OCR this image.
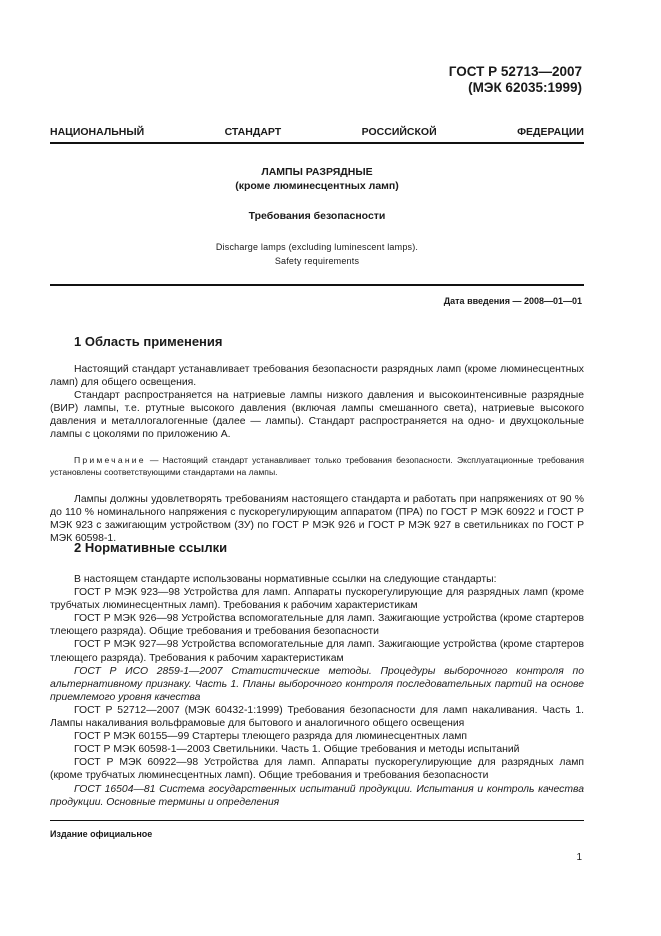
ГОСТ Р 52713—2007
(МЭК 62035:1999)
НАЦИОНАЛЬНЫЙ	СТАНДАРТ	РОССИЙСКОЙ	ФЕДЕРАЦИИ
ЛАМПЫ РАЗРЯДНЫЕ
(кроме люминесцентных ламп)
Требования безопасности
Discharge lamps (excluding luminescent lamps).
Safety requirements
Дата введения — 2008—01—01
1 Область применения

Настоящий стандарт устанавливает требования безопасности разрядных ламп (кроме люминесцентных ламп) для общего освещения.

Стандарт распространяется на натриевые лампы низкого давления и высокоинтенсивные разрядные (ВИР) лампы, т.е. ртутные высокого давления (включая лампы смешанного света), натриевые высокого давления и металлогалогенные (далее — лампы). Стандарт распространяется на одно- и двухцокольные лампы с цоколями по приложению А.

Примечание — Настоящий стандарт устанавливает только требования безопасности. Эксплуатационные требования установлены соответствующими стандартами на лампы.

Лампы должны удовлетворять требованиям настоящего стандарта и работать при напряжениях от 90 % до 110 % номинального напряжения с пускорегулирующим аппаратом (ПРА) по ГОСТ Р МЭК 60922 и ГОСТ Р МЭК 923 с зажигающим устройством (ЗУ) по ГОСТ Р МЭК 926 и ГОСТ Р МЭК 927 в светильниках по ГОСТ Р МЭК 60598-1.

2 Нормативные ссылки

В настоящем стандарте использованы нормативные ссылки на следующие стандарты:

ГОСТ Р МЭК 923—98 Устройства для ламп. Аппараты пускорегулирующие для разрядных ламп (кроме трубчатых люминесцентных ламп). Требования к рабочим характеристикам

ГОСТ Р МЭК 926—98 Устройства вспомогательные для ламп. Зажигающие устройства (кроме стартеров тлеющего разряда). Общие требования и требования безопасности

ГОСТ Р МЭК 927—98 Устройства вспомогательные для ламп. Зажигающие устройства (кроме стартеров тлеющего разряда). Требования к рабочим характеристикам

ГОСТ Р ИСО 2859-1—2007 Статистические методы. Процедуры выборочного контроля по альтернативному признаку. Часть 1. Планы выборочного контроля последовательных партий на основе приемлемого уровня качества

ГОСТ Р 52712—2007 (МЭК 60432-1:1999) Требования безопасности для ламп накаливания. Часть 1. Лампы накаливания вольфрамовые для бытового и аналогичного общего освещения

ГОСТ Р МЭК 60155—99 Стартеры тлеющего разряда для люминесцентных ламп

ГОСТ Р МЭК 60598-1—2003 Светильники. Часть 1. Общие требования и методы испытаний

ГОСТ Р МЭК 60922—98 Устройства для ламп. Аппараты пускорегулирующие для разрядных ламп (кроме трубчатых люминесцентных ламп). Общие требования и требования безопасности

ГОСТ 16504—81 Система государственных испытаний продукции. Испытания и контроль качества продукции. Основные термины и определения

Издание официальное
1
